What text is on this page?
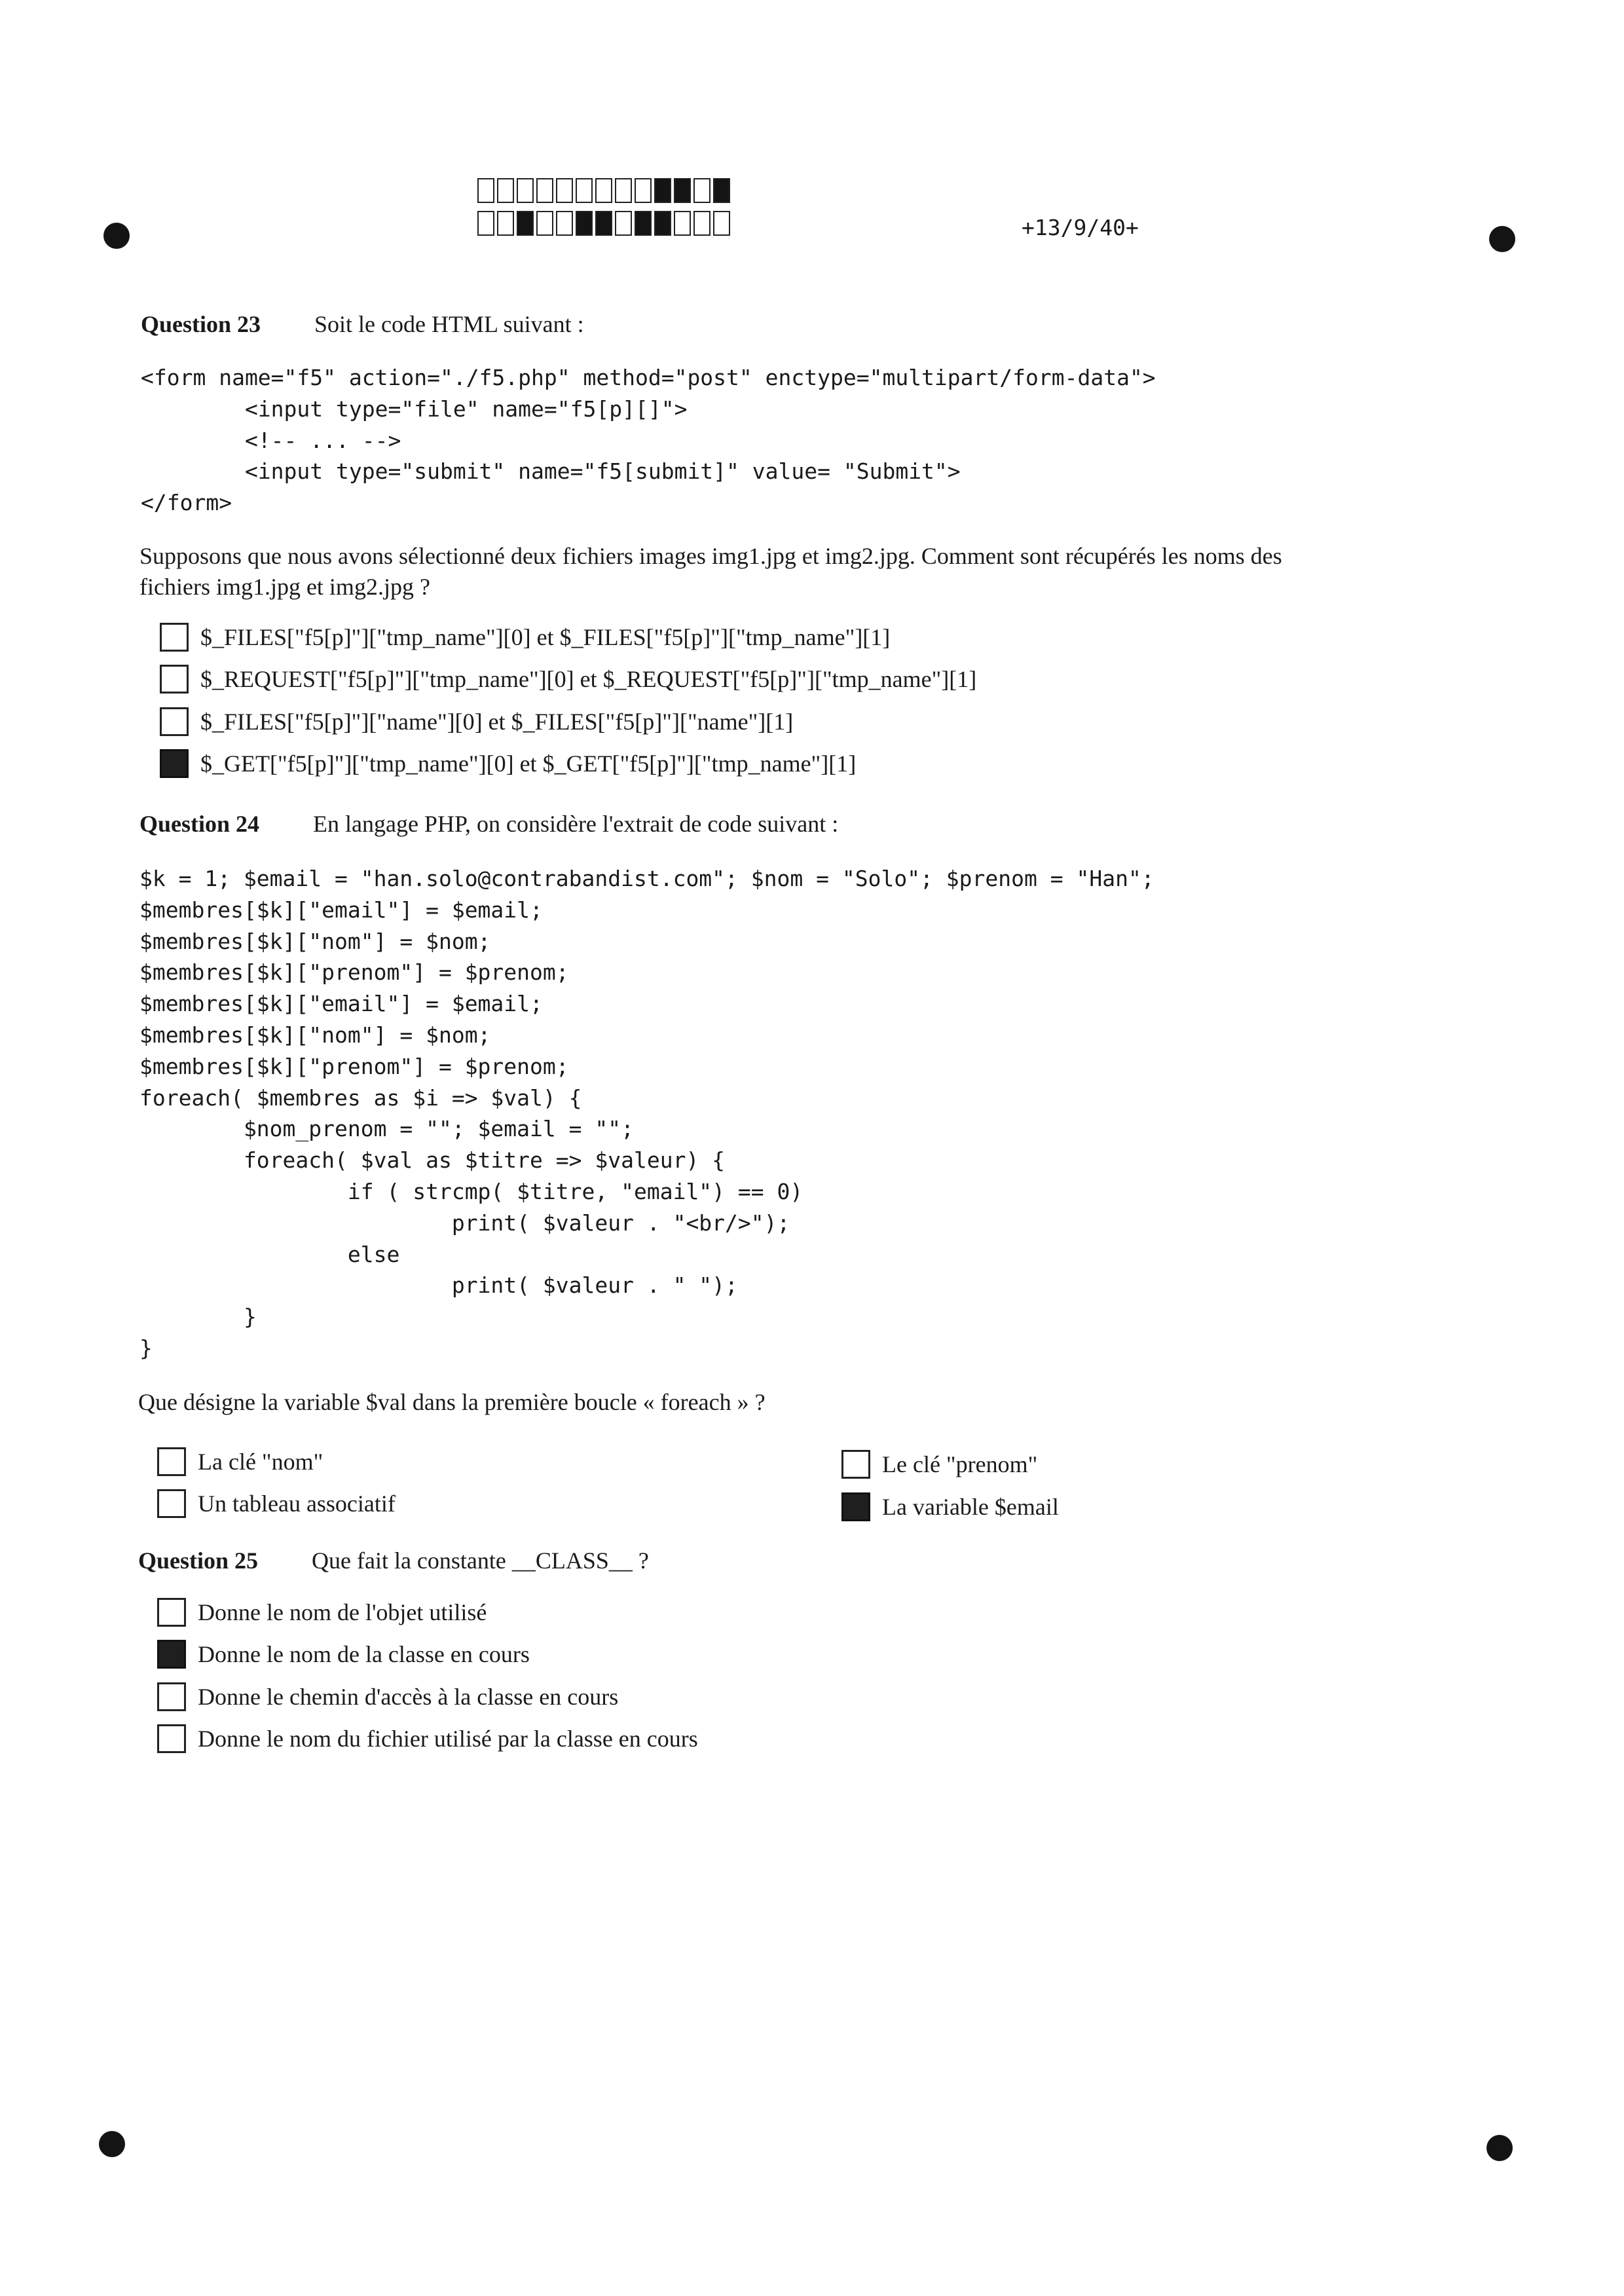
+13/9/40+
Question 23 Soit le code HTML suivant :
<form name="f5" action="./f5.php" method="post" enctype="multipart/form-data">
<input type="file" name="f5[p][]">
<!-- ... -->
<input type="submit" name="f5[submit]" value= "Submit">
</form>
Supposons que nous avons sélectionné deux fichiers images img1.jpg et img2.jpg. Comment sont récupérés les noms des
fichiers img1.jpg et img2.jpg ?
$_FILES["f5[p]"]["tmp_name"][0] et $_FILES["f5[p]"]["tmp_name"][1]
$_REQUEST["f5[p]"]["tmp_name"][0] et $_REQUEST["f5[p]"]["tmp_name"][1]
$_FILES["f5[p]"]["name"][0] et $_FILES["f5[p]"]["name"][1]
$_GET["f5[p]"]["tmp_name"][0] et $_GET["f5[p]"]["tmp_name"][1]
Question 24 En langage PHP, on considère l'extrait de code suivant :
$k = 1; $email = "han.solo@contrabandist.com"; $nom = "Solo"; $prenom = "Han";
$membres[$k]["email"] = $email;
$membres[$k]["nom"] = $nom;
$membres[$k]["prenom"] = $prenom;
$membres[$k]["email"] = $email;
$membres[$k]["nom"] = $nom;
$membres[$k]["prenom"] = $prenom;
foreach( $membres as $i => $val) {
$nom_prenom = ""; $email = "";
foreach( $val as $titre => $valeur) {
if ( strcmp( $titre, "email") == 0)
print( $valeur . "<br/>");
else
print( $valeur . " ");
}
}
Que désigne la variable $val dans la première boucle « foreach » ?
La clé "nom"	Le clé "prenom"
Un tableau associatif	La variable $email
Question 25 Que fait la constante __CLASS__ ?
Donne le nom de l'objet utilisé
Donne le nom de la classe en cours
Donne le chemin d'accès à la classe en cours
Donne le nom du fichier utilisé par la classe en cours
